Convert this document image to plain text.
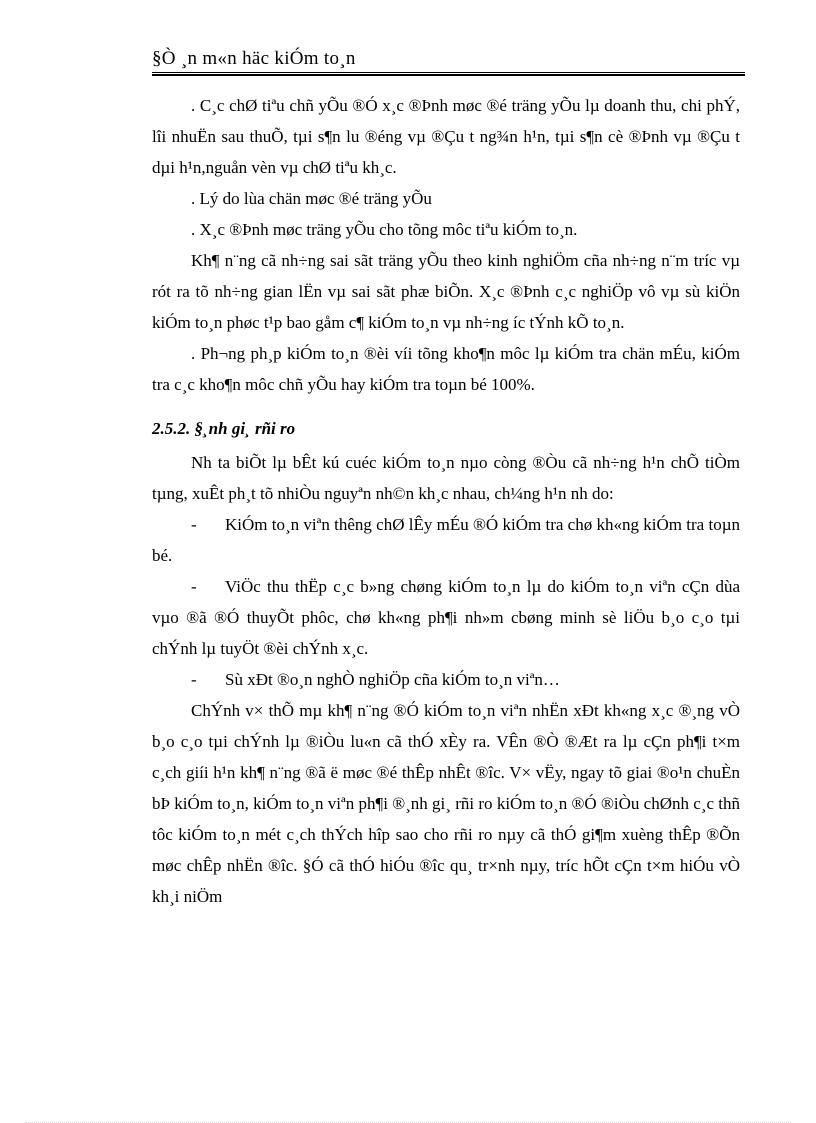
§Ò ¸n m«n häc kiÓm to¸n

. C¸c chØ tiªu chñ yÕu ®Ó x¸c ®Þnh møc ®é träng yÕu lµ doanh thu, chi phÝ, lîi nhuËn sau thuÕ, tµi s¶n lu ®éng vµ ®Çu t ng¾n h¹n, tµi s¶n cè ®Þnh vµ ®Çu t dµi h¹n,nguån vèn vµ chØ tiªu kh¸c.

. Lý do lùa chän møc ®é träng yÕu

. X¸c ®Þnh møc träng yÕu cho tõng môc tiªu kiÓm to¸n.

Kh¶ n¨ng cã nh÷ng sai sãt träng yÕu theo kinh nghiÖm cña nh÷ng n¨m tríc vµ rót ra tõ nh÷ng gian lËn vµ sai sãt phæ biÕn. X¸c ®Þnh c¸c nghiÖp vô vµ sù kiÖn kiÓm to¸n phøc t¹p bao gåm c¶ kiÓm to¸n vµ nh÷ng íc tÝnh kÕ to¸n.

. Ph¬ng ph¸p kiÓm to¸n ®èi víi tõng kho¶n môc lµ kiÓm tra chän mÉu, kiÓm tra c¸c kho¶n môc chñ yÕu hay kiÓm tra toµn bé 100%.

2.5.2. §¸nh gi¸ rñi ro

Nh ta biÕt lµ bÊt kú cuéc kiÓm to¸n nµo còng ®Òu cã nh÷ng h¹n chÕ tiÒm tµng, xuÊt ph¸t tõ nhiÒu nguyªn nh©n kh¸c nhau, ch¼ng h¹n nh do:

- KiÓm to¸n viªn thêng chØ lÊy mÉu ®Ó kiÓm tra chø kh«ng kiÓm tra toµn bé.

- ViÖc thu thËp c¸c b»ng chøng kiÓm to¸n lµ do kiÓm to¸n viªn cÇn dùa vµo ®ã ®Ó thuyÕt phôc, chø kh«ng ph¶i nh»m cbøng minh sè liÖu b¸o c¸o tµi chÝnh lµ tuyÖt ®èi chÝnh x¸c.

- Sù xÐt ®o¸n nghÒ nghiÖp cña kiÓm to¸n viªn…

ChÝnh v× thÕ mµ kh¶ n¨ng ®Ó kiÓm to¸n viªn nhËn xÐt kh«ng x¸c ®¸ng vÒ b¸o c¸o tµi chÝnh lµ ®iÒu lu«n cã thÓ xÈy ra. VÊn ®Ò ®Æt ra lµ cÇn ph¶i t×m c¸ch giíi h¹n kh¶ n¨ng ®ã ë møc ®é thÊp nhÊt ®îc. V× vËy, ngay tõ giai ®o¹n chuÈn bÞ kiÓm to¸n, kiÓm to¸n viªn ph¶i ®¸nh gi¸ rñi ro kiÓm to¸n ®Ó ®iÒu chØnh c¸c thñ tôc kiÓm to¸n mét c¸ch thÝch hîp sao cho rñi ro nµy cã thÓ gi¶m xuèng thÊp ®Õn møc chÊp nhËn ®îc. §Ó cã thÓ hiÓu ®îc qu¸ tr×nh nµy, tríc hÕt cÇn t×m hiÓu vÒ kh¸i niÖm
